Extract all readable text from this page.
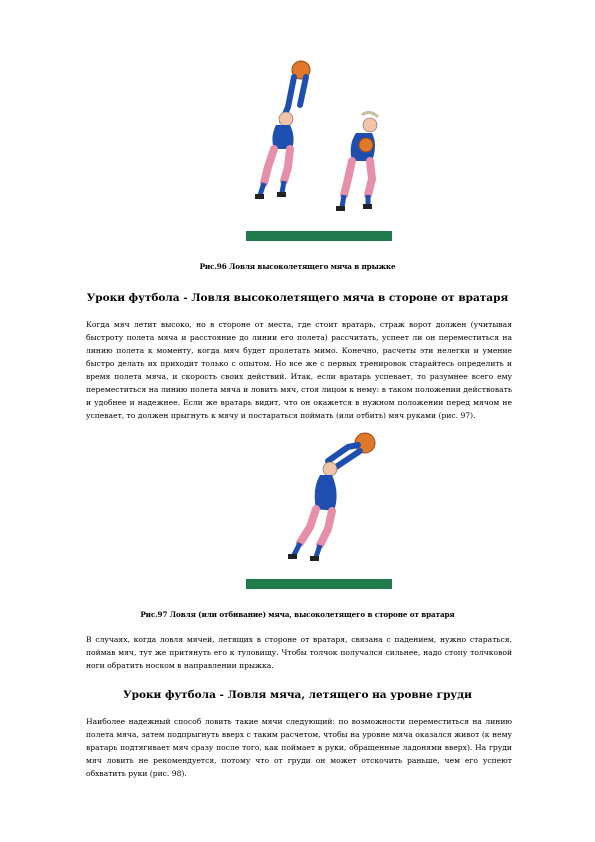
Рис.96 Ловля высоколетящего мяча в прыжке
Уроки футбола - Ловля высоколетящего мяча в стороне от вратаря
Когда мяч летит высоко, но в стороне от места, где стоит вратарь, страж ворот должен (учитывая быстроту полета мяча и расстояние до линии его полета) рассчитать, успеет ли он переместиться на линию полета к моменту, когда мяч будет пролетать мимо. Конечно, расчеты эти нелегки и умение быстро делать их приходит только с опытом. Но все же с первых тренировок старайтесь определить и время полета мяча, и скорость своих действий. Итак, если вратарь успевает, то разумнее всего ему переместиться на линию полета мяча и ловить мяч, стоя лицом к нему: в таком положении действовать и удобнее и надежнее. Если же вратарь видит, что он окажется в нужном положении перед мячом не успевает, то должен прыгнуть к мячу и постараться поймать (или отбить) мяч руками (рис. 97).
Рис.97 Ловля (или отбивание) мяча, высоколетящего в стороне от вратаря
В случаях, когда ловля мячей, летящих в стороне от вратаря, связана с падением, нужно стараться, поймав мяч, тут же притянуть его к туловищу. Чтобы толчок получался сильнее, надо стопу толчковой ноги обратить носком в направлении прыжка.
Уроки футбола - Ловля мяча, летящего на уровне груди
Наиболее надежный способ ловить такие мячи следующий: по возможности переместиться на линию полета мяча, затем подпрыгнуть вверх с таким расчетом, чтобы на уровне мяча оказался живот (к нему вратарь подтягивает мяч сразу после того, как поймает в руки, обращенные ладонями вверх). На груди мяч ловить не рекомендуется, потому что от груди он может отскочить раньше, чем его успеют обхватить руки (рис. 98).
